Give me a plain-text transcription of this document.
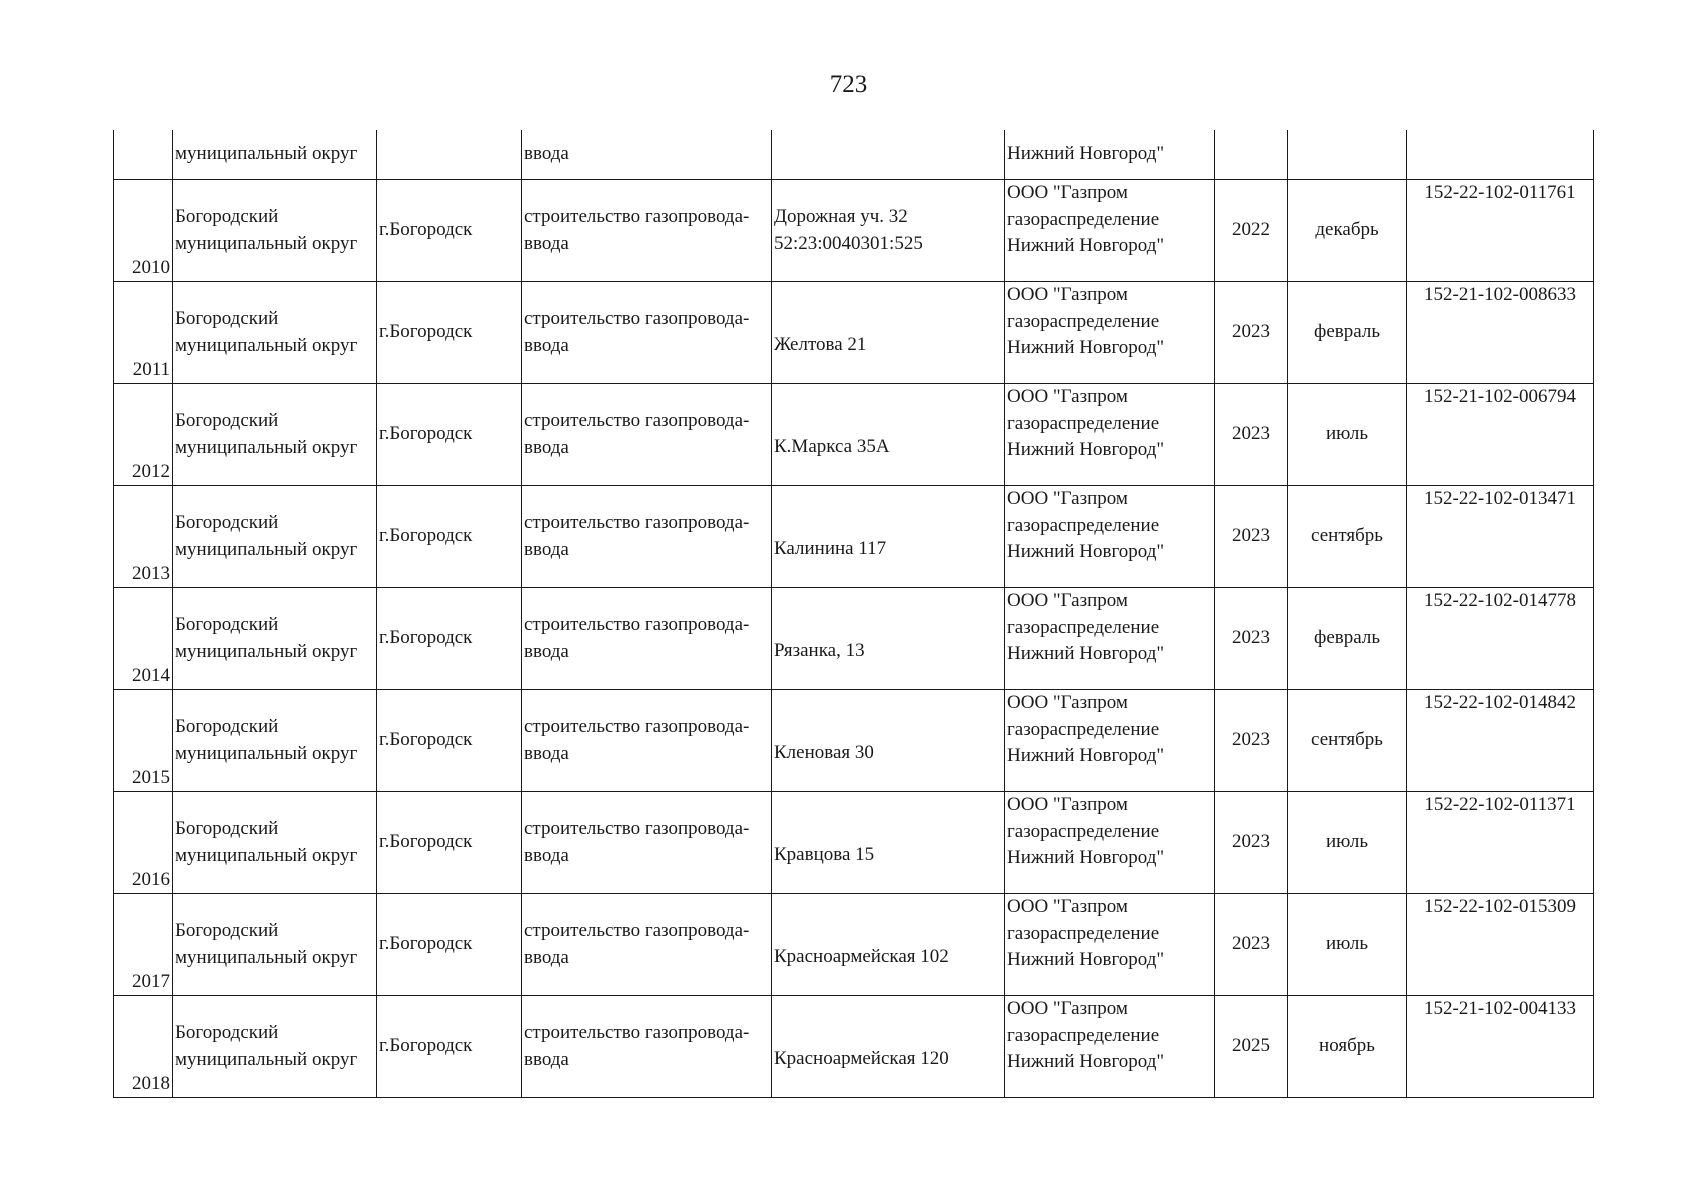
723
	муниципальный округ		ввода		Нижний Новгород"			
2010	Богородский
муниципальный округ	г.Богородск	строительство газопровода-
ввода	Дорожная уч. 32
52:23:0040301:525	ООО "Газпром
газораспределение
Нижний Новгород"	2022	декабрь	152-22-102-011761
2011	Богородский
муниципальный округ	г.Богородск	строительство газопровода-
ввода	Желтова 21	ООО "Газпром
газораспределение
Нижний Новгород"	2023	февраль	152-21-102-008633
2012	Богородский
муниципальный округ	г.Богородск	строительство газопровода-
ввода	К.Маркса 35А	ООО "Газпром
газораспределение
Нижний Новгород"	2023	июль	152-21-102-006794
2013	Богородский
муниципальный округ	г.Богородск	строительство газопровода-
ввода	Калинина 117	ООО "Газпром
газораспределение
Нижний Новгород"	2023	сентябрь	152-22-102-013471
2014	Богородский
муниципальный округ	г.Богородск	строительство газопровода-
ввода	Рязанка, 13	ООО "Газпром
газораспределение
Нижний Новгород"	2023	февраль	152-22-102-014778
2015	Богородский
муниципальный округ	г.Богородск	строительство газопровода-
ввода	Кленовая 30	ООО "Газпром
газораспределение
Нижний Новгород"	2023	сентябрь	152-22-102-014842
2016	Богородский
муниципальный округ	г.Богородск	строительство газопровода-
ввода	Кравцова 15	ООО "Газпром
газораспределение
Нижний Новгород"	2023	июль	152-22-102-011371
2017	Богородский
муниципальный округ	г.Богородск	строительство газопровода-
ввода	Красноармейская 102	ООО "Газпром
газораспределение
Нижний Новгород"	2023	июль	152-22-102-015309
2018	Богородский
муниципальный округ	г.Богородск	строительство газопровода-
ввода	Красноармейская 120	ООО "Газпром
газораспределение
Нижний Новгород"	2025	ноябрь	152-21-102-004133
